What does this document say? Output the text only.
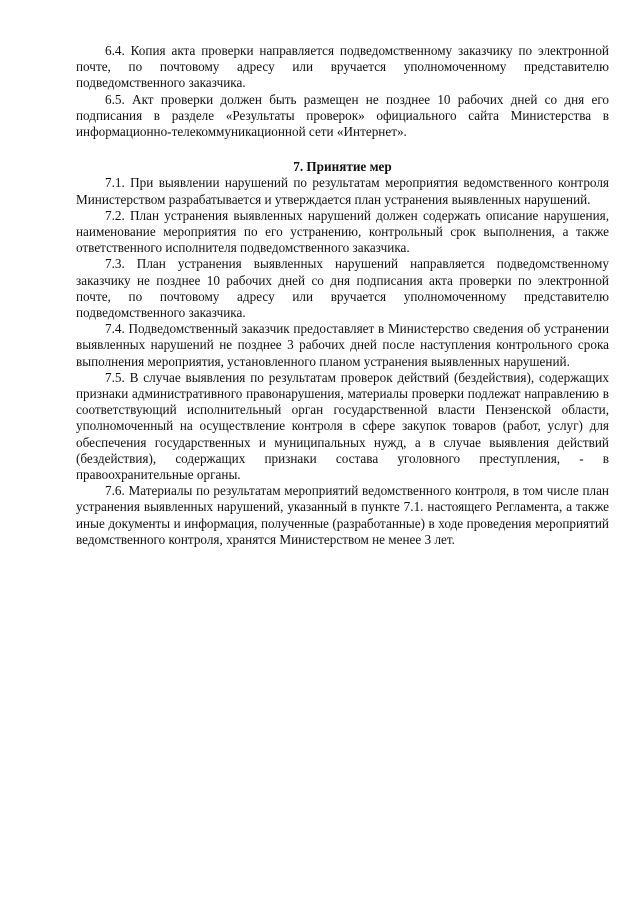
6.4. Копия акта проверки направляется подведомственному заказчику по электронной почте, по почтовому адресу или вручается уполномоченному представителю подведомственного заказчика.

6.5. Акт проверки должен быть размещен не позднее 10 рабочих дней со дня его подписания в разделе «Результаты проверок» официального сайта Министерства в информационно-телекоммуникационной сети «Интернет».

7. Принятие мер

7.1. При выявлении нарушений по результатам мероприятия ведомственного контроля Министерством разрабатывается и утверждается план устранения выявленных нарушений.

7.2. План устранения выявленных нарушений должен содержать описание нарушения, наименование мероприятия по его устранению, контрольный срок выполнения, а также ответственного исполнителя подведомственного заказчика.

7.3. План устранения выявленных нарушений направляется подведомственному заказчику не позднее 10 рабочих дней со дня подписания акта проверки по электронной почте, по почтовому адресу или вручается уполномоченному представителю подведомственного заказчика.

7.4. Подведомственный заказчик предоставляет в Министерство сведения об устранении выявленных нарушений не позднее 3 рабочих дней после наступления контрольного срока выполнения мероприятия, установленного планом устранения выявленных нарушений.

7.5. В случае выявления по результатам проверок действий (бездействия), содержащих признаки административного правонарушения, материалы проверки подлежат направлению в соответствующий исполнительный орган государственной власти Пензенской области, уполномоченный на осуществление контроля в сфере закупок товаров (работ, услуг) для обеспечения государственных и муниципальных нужд, а в случае выявления действий (бездействия), содержащих признаки состава уголовного преступления, - в правоохранительные органы.

7.6. Материалы по результатам мероприятий ведомственного контроля, в том числе план устранения выявленных нарушений, указанный в пункте 7.1. настоящего Регламента, а также иные документы и информация, полученные (разработанные) в ходе проведения мероприятий ведомственного контроля, хранятся Министерством не менее 3 лет.
